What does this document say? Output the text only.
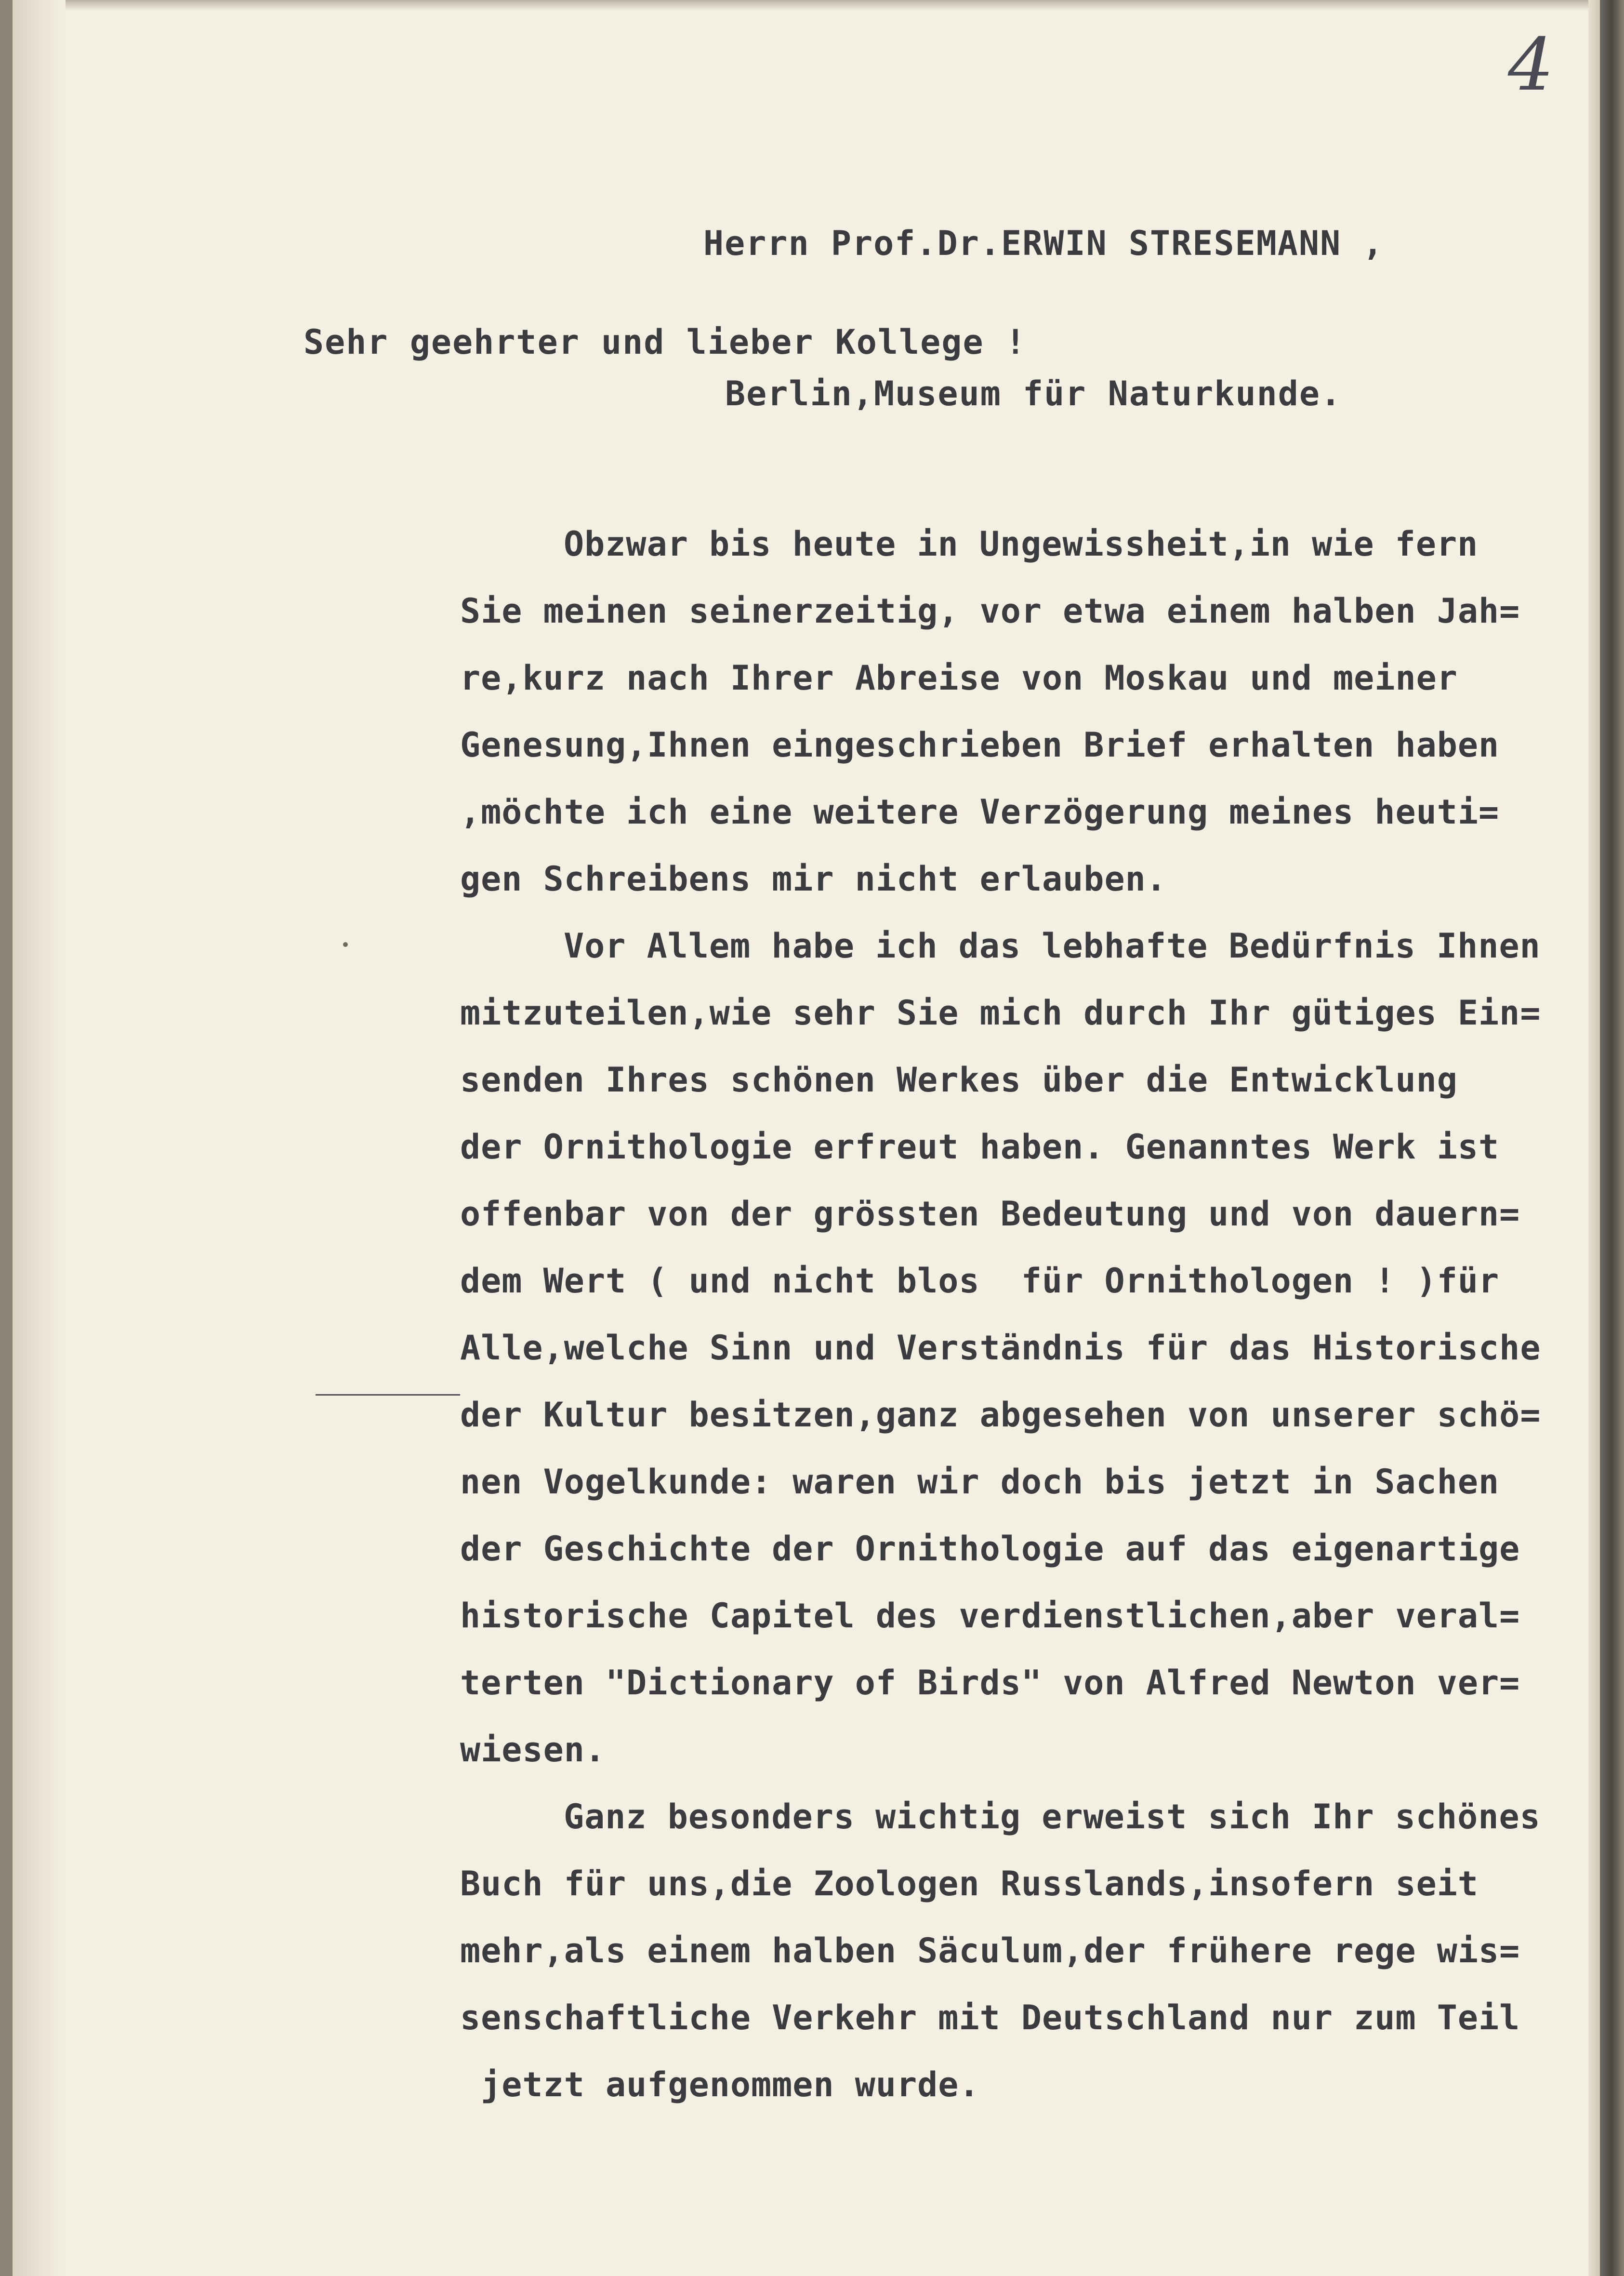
4

Herrn Prof.Dr.ERWIN STRESEMANN ,

Berlin,Museum für Naturkunde.

Sehr geehrter und lieber Kollege !
Obzwar bis heute in Ungewissheit,in wie fern
Sie meinen seinerzeitig, vor etwa einem halben Jah=
re,kurz nach Ihrer Abreise von Moskau und meiner
Genesung,Ihnen eingeschrieben Brief erhalten haben
,möchte ich eine weitere Verzögerung meines heuti=
gen Schreibens mir nicht erlauben.
Vor Allem habe ich das lebhafte Bedürfnis Ihnen
mitzuteilen,wie sehr Sie mich durch Ihr gütiges Ein=
senden Ihres schönen Werkes über die Entwicklung
der Ornithologie erfreut haben. Genanntes Werk ist
offenbar von der grössten Bedeutung und von dauern=
dem Wert ( und nicht blos  für Ornithologen ! )für
Alle,welche Sinn und Verständnis für das Historische
der Kultur besitzen,ganz abgesehen von unserer schö=
nen Vogelkunde: waren wir doch bis jetzt in Sachen
der Geschichte der Ornithologie auf das eigenartige
historische Capitel des verdienstlichen,aber veral=
terten "Dictionary of Birds" von Alfred Newton ver=
wiesen.
Ganz besonders wichtig erweist sich Ihr schönes
Buch für uns,die Zoologen Russlands,insofern seit
mehr,als einem halben Säculum,der frühere rege wis=
senschaftliche Verkehr mit Deutschland nur zum Teil
jetzt aufgenommen wurde.
